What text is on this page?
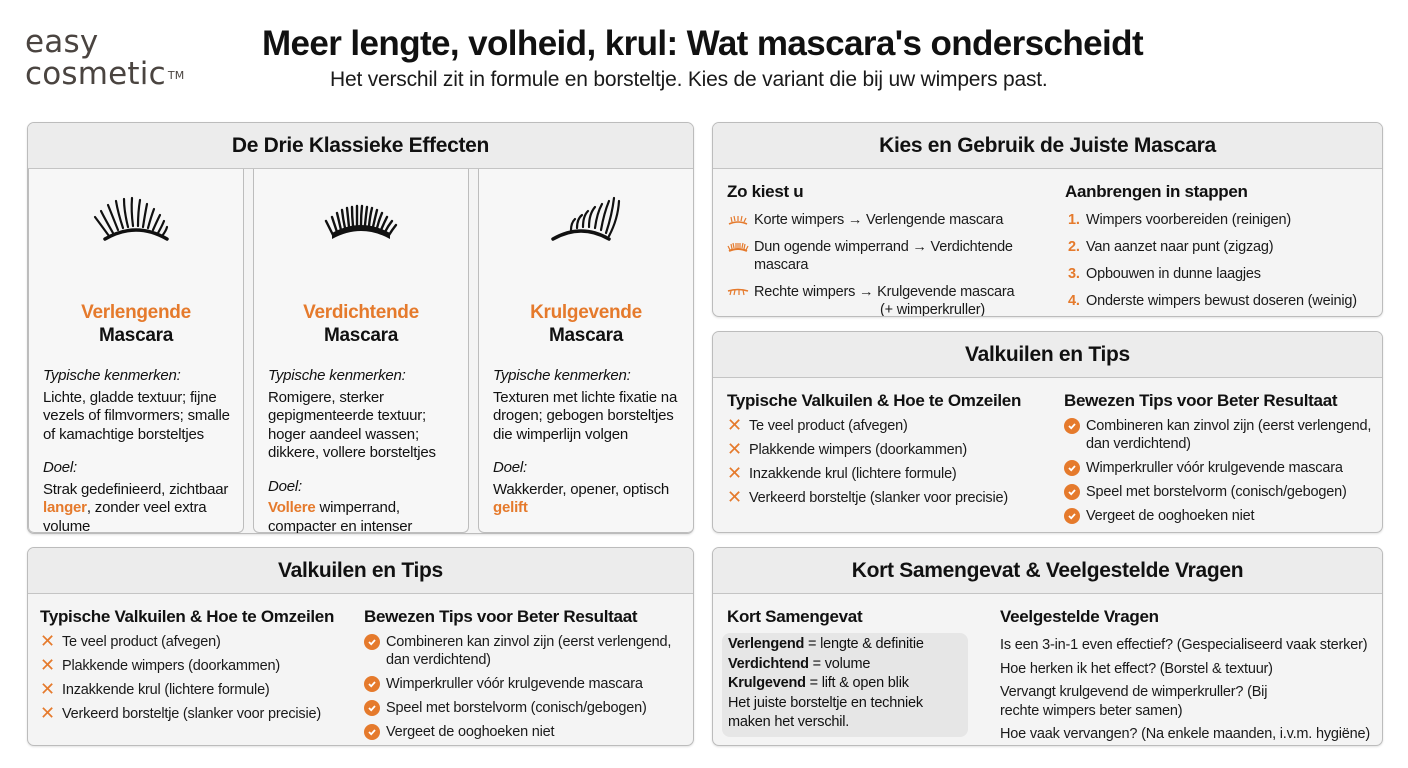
easy
cosmetic ™
Meer lengte, volheid, krul: Wat mascara's onderscheidt
Het verschil zit in formule en borsteltje. Kies de variant die bij uw wimpers past.
De Drie Klassieke Effecten
Verlengende
Mascara
Typische kenmerken:
Lichte, gladde textuur; fijne vezels of filmvormers; smalle of kamachtige borsteltjes
Doel:
Strak gedefinieerd, zichtbaar langer, zonder veel extra volume
Verdichtende
Mascara
Typische kenmerken:
Romigere, sterker gepigmenteerde textuur; hoger aandeel wassen; dikkere, vollere borsteltjes
Doel:
Vollere wimperrand, compacter en intenser
Krulgevende
Mascara
Typische kenmerken:
Texturen met lichte fixatie na drogen; gebogen borsteltjes die wimperlijn volgen
Doel:
Wakkerder, opener, optisch gelift
Kies en Gebruik de Juiste Mascara
Zo kiest u
Korte wimpers → Verlengende mascara
Dun ogende wimperrand → Verdichtende mascara
Rechte wimpers → Krulgevende mascara
(+ wimperkruller)
Aanbrengen in stappen
1. Wimpers voorbereiden (reinigen)
2. Van aanzet naar punt (zigzag)
3. Opbouwen in dunne laagjes
4. Onderste wimpers bewust doseren (weinig)
Valkuilen en Tips
Typische Valkuilen & Hoe te Omzeilen
✕ Te veel product (afvegen)
✕ Plakkende wimpers (doorkammen)
✕ Inzakkende krul (lichtere formule)
✕ Verkeerd borsteltje (slanker voor precisie)
Bewezen Tips voor Beter Resultaat
Combineren kan zinvol zijn (eerst verlengend, dan verdichtend)
Wimperkruller vóór krulgevende mascara
Speel met borstelvorm (conisch/gebogen)
Vergeet de ooghoeken niet
Valkuilen en Tips
Typische Valkuilen & Hoe te Omzeilen
✕ Te veel product (afvegen)
✕ Plakkende wimpers (doorkammen)
✕ Inzakkende krul (lichtere formule)
✕ Verkeerd borsteltje (slanker voor precisie)
Bewezen Tips voor Beter Resultaat
Combineren kan zinvol zijn (eerst verlengend, dan verdichtend)
Wimperkruller vóór krulgevende mascara
Speel met borstelvorm (conisch/gebogen)
Vergeet de ooghoeken niet
Kort Samengevat & Veelgestelde Vragen
Kort Samengevat
Verlengend = lengte & definitie
Verdichtend = volume
Krulgevend = lift & open blik
Het juiste borsteltje en techniek maken het verschil.
Veelgestelde Vragen
Is een 3-in-1 even effectief? (Gespecialiseerd vaak sterker)
Hoe herken ik het effect? (Borstel & textuur)
Vervangt krulgevend de wimperkruller? (Bij rechte wimpers beter samen)
Hoe vaak vervangen? (Na enkele maanden, i.v.m. hygiëne)
